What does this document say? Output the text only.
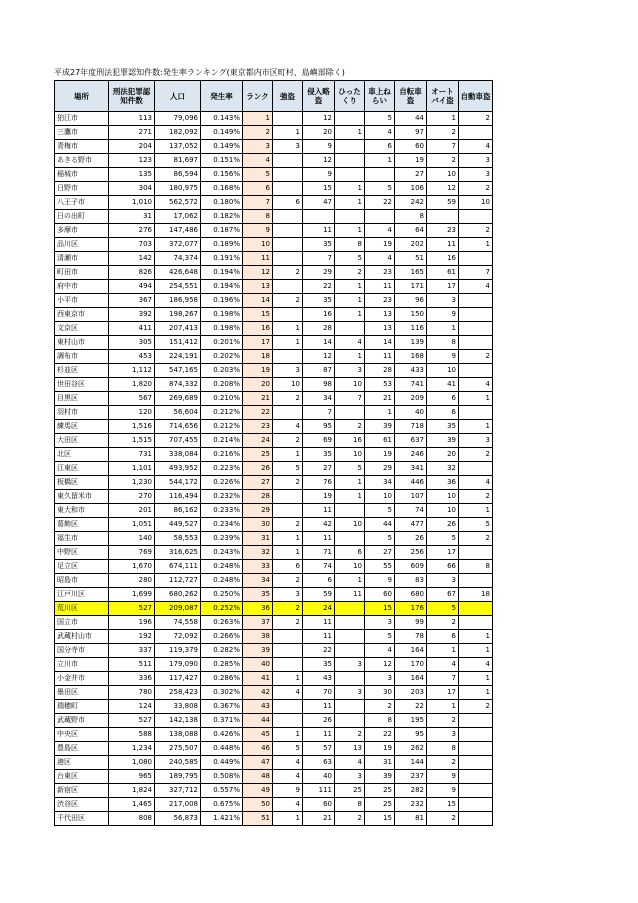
平成27年度刑法犯罪認知件数:発生率ランキング(東京都内市区町村、島嶼部除く)
場所	刑法犯罪認知件数	人口	発生率	ランク	強盗	侵入略盗	ひったくり	車上ねらい	自転車盗	オートバイ盗	自動車盗
狛江市	113	79,096	0.143%	1		12		5	44	1	2
三鷹市	271	182,092	0.149%	2	1	20	1	4	97	2	
青梅市	204	137,052	0.149%	3	3	9		6	60	7	4
あきる野市	123	81,697	0.151%	4		12		1	19	2	3
稲城市	135	86,594	0.156%	5		9			27	10	3
日野市	304	180,975	0.168%	6		15	1	5	106	12	2
八王子市	1,010	562,572	0.180%	7	6	47	1	22	242	59	10
日の出町	31	17,062	0.182%	8					8		
多摩市	276	147,486	0.187%	9		11	1	4	64	23	2
品川区	703	372,077	0.189%	10		35	8	19	202	11	1
清瀬市	142	74,374	0.191%	11		7	5	4	51	16	
町田市	826	426,648	0.194%	12	2	29	2	23	165	61	7
府中市	494	254,551	0.194%	13		22	1	11	171	17	4
小平市	367	186,958	0.196%	14	2	35	1	23	96	3	
西東京市	392	198,267	0.198%	15		16	1	13	150	9	
文京区	411	207,413	0.198%	16	1	28		13	116	1	
東村山市	305	151,412	0.201%	17	1	14	4	14	139	8	
調布市	453	224,191	0.202%	18		12	1	11	168	9	2
杉並区	1,112	547,165	0.203%	19	3	87	3	28	433	10	
世田谷区	1,820	874,332	0.208%	20	10	98	10	53	741	41	4
目黒区	567	269,689	0.210%	21	2	34	7	21	209	6	1
羽村市	120	56,604	0.212%	22		7		1	40	6	
練馬区	1,516	714,656	0.212%	23	4	95	2	39	718	35	1
大田区	1,515	707,455	0.214%	24	2	69	16	61	637	39	3
北区	731	338,084	0.216%	25	1	35	10	19	246	20	2
江東区	1,101	493,952	0.223%	26	5	27	5	29	341	32	
板橋区	1,230	544,172	0.226%	27	2	76	1	34	446	36	4
東久留米市	270	116,494	0.232%	28		19	1	10	107	10	2
東大和市	201	86,162	0.233%	29		11		5	74	10	1
葛飾区	1,051	449,527	0.234%	30	2	42	10	44	477	26	5
福生市	140	58,553	0.239%	31	1	11		5	26	5	2
中野区	769	316,625	0.243%	32	1	71	6	27	256	17	
足立区	1,670	674,111	0.248%	33	6	74	10	55	609	66	8
昭島市	280	112,727	0.248%	34	2	6	1	9	83	3	
江戸川区	1,699	680,262	0.250%	35	3	59	11	60	680	67	18
荒川区	527	209,087	0.252%	36	2	24		15	176	5	
国立市	196	74,558	0.263%	37	2	11		3	99	2	
武蔵村山市	192	72,092	0.266%	38		11		5	78	6	1
国分寺市	337	119,379	0.282%	39		22		4	164	1	1
立川市	511	179,090	0.285%	40		35	3	12	170	4	4
小金井市	336	117,427	0.286%	41	1	43		3	164	7	1
墨田区	780	258,423	0.302%	42	4	70	3	30	203	17	1
瑞穂町	124	33,808	0.367%	43		11		2	22	1	2
武蔵野市	527	142,138	0.371%	44		26		8	195	2	
中央区	588	138,088	0.426%	45	1	11	2	22	95	3	
豊島区	1,234	275,507	0.448%	46	5	57	13	19	262	8	
港区	1,080	240,585	0.449%	47	4	63	4	31	144	2	
台東区	965	189,795	0.508%	48	4	40	3	39	237	9	
新宿区	1,824	327,712	0.557%	49	9	111	25	25	282	9	
渋谷区	1,465	217,008	0.675%	50	4	60	8	25	232	15	
千代田区	808	56,873	1.421%	51	1	21	2	15	81	2	
